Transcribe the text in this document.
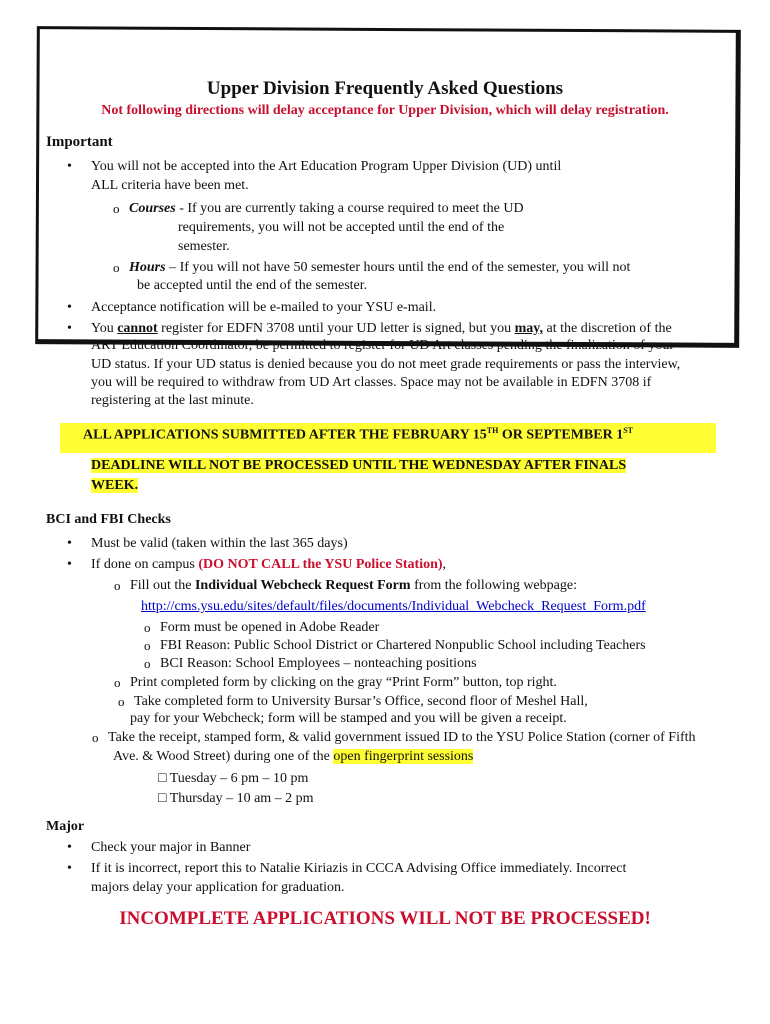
Upper Division Frequently Asked Questions
Not following directions will delay acceptance for Upper Division, which will delay registration.
Important
• You will not be accepted into the Art Education Program Upper Division (UD) until
ALL criteria have been met.
o Courses - If you are currently taking a course required to meet the UD
requirements, you will not be accepted until the end of the
semester.
o Hours – If you will not have 50 semester hours until the end of the semester, you will not
be accepted until the end of the semester.
• Acceptance notification will be e-mailed to your YSU e-mail.
• You cannot register for EDFN 3708 until your UD letter is signed, but you may, at the discretion of the
ART Education Coordinator, be permitted to register for UD Art classes pending the finalization of your
UD status. If your UD status is denied because you do not meet grade requirements or pass the interview,
you will be required to withdraw from UD Art classes. Space may not be available in EDFN 3708 if
registering at the last minute.
ALL APPLICATIONS SUBMITTED AFTER THE FEBRUARY 15TH OR SEPTEMBER 1ST
DEADLINE WILL NOT BE PROCESSED UNTIL THE WEDNESDAY AFTER FINALS
WEEK.
BCI and FBI Checks
• Must be valid (taken within the last 365 days)
• If done on campus (DO NOT CALL the YSU Police Station),
o Fill out the Individual Webcheck Request Form from the following webpage:
http://cms.ysu.edu/sites/default/files/documents/Individual_Webcheck_Request_Form.pdf
o Form must be opened in Adobe Reader
o FBI Reason: Public School District or Chartered Nonpublic School including Teachers
o BCI Reason: School Employees – nonteaching positions
o Print completed form by clicking on the gray “Print Form” button, top right.
o Take completed form to University Bursar’s Office, second floor of Meshel Hall,
pay for your Webcheck; form will be stamped and you will be given a receipt.
o Take the receipt, stamped form, & valid government issued ID to the YSU Police Station (corner of Fifth
Ave. & Wood Street) during one of the open fingerprint sessions
□ Tuesday – 6 pm – 10 pm
□ Thursday – 10 am – 2 pm
Major
• Check your major in Banner
• If it is incorrect, report this to Natalie Kiriazis in CCCA Advising Office immediately. Incorrect
majors delay your application for graduation.
INCOMPLETE APPLICATIONS WILL NOT BE PROCESSED!
